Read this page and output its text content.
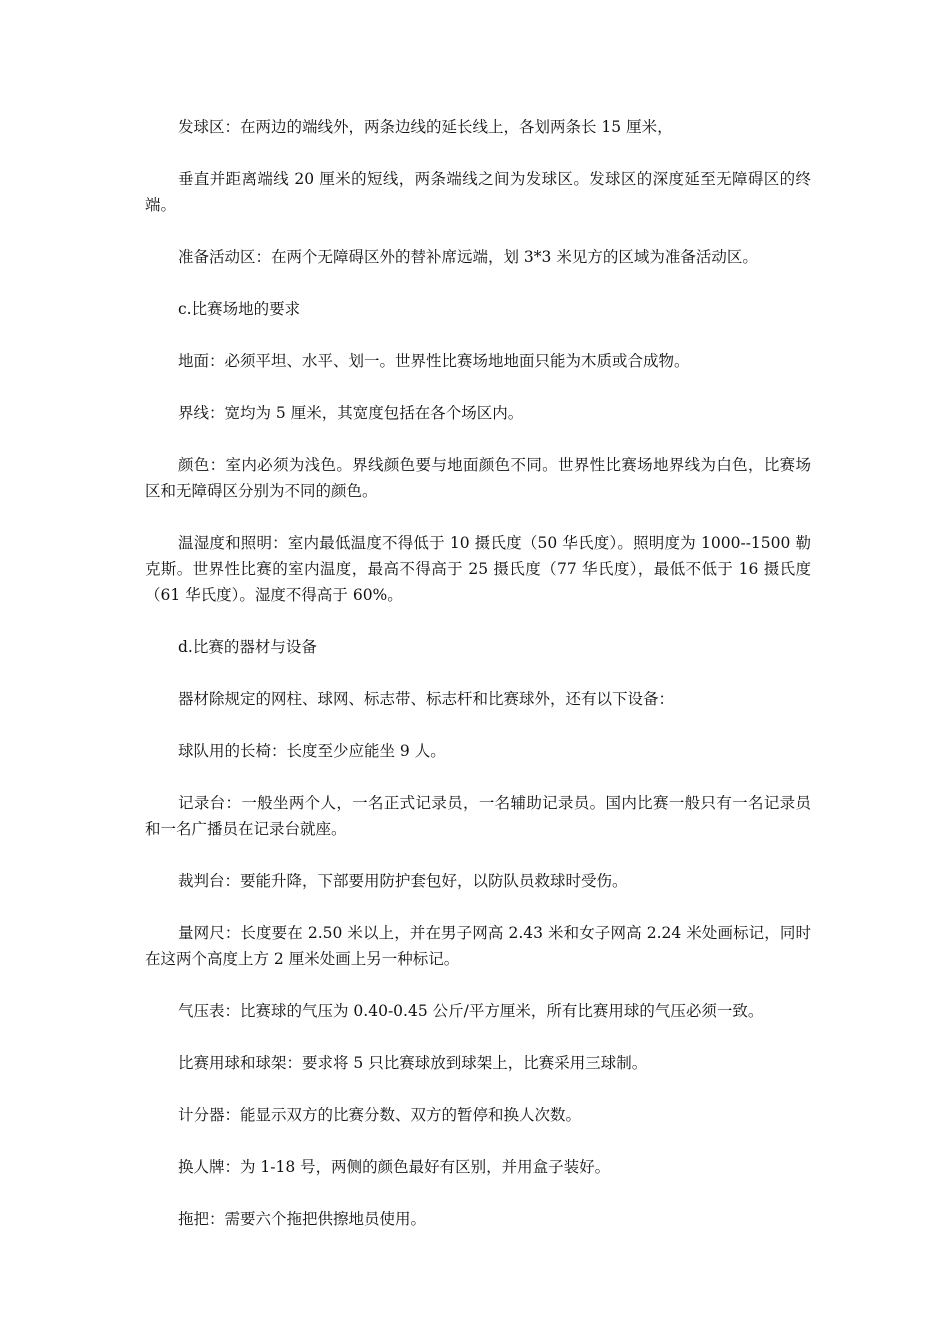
发球区：在两边的端线外，两条边线的延长线上，各划两条长 15 厘米，

垂直并距离端线 20 厘米的短线，两条端线之间为发球区。发球区的深度延至无障碍区的终端。

准备活动区：在两个无障碍区外的替补席远端，划 3*3 米见方的区域为准备活动区。

c.比赛场地的要求

地面：必须平坦、水平、划一。世界性比赛场地地面只能为木质或合成物。

界线：宽均为 5 厘米，其宽度包括在各个场区内。

颜色：室内必须为浅色。界线颜色要与地面颜色不同。世界性比赛场地界线为白色，比赛场区和无障碍区分别为不同的颜色。

温湿度和照明：室内最低温度不得低于 10 摄氏度（50 华氏度）。照明度为 1000--1500 勒克斯。世界性比赛的室内温度，最高不得高于 25 摄氏度（77 华氏度），最低不低于 16 摄氏度（61 华氏度）。湿度不得高于 60%。

d.比赛的器材与设备

器材除规定的网柱、球网、标志带、标志杆和比赛球外，还有以下设备：

球队用的长椅：长度至少应能坐 9 人。

记录台：一般坐两个人，一名正式记录员，一名辅助记录员。国内比赛一般只有一名记录员和一名广播员在记录台就座。

裁判台：要能升降，下部要用防护套包好，以防队员救球时受伤。

量网尺：长度要在 2.50 米以上，并在男子网高 2.43 米和女子网高 2.24 米处画标记，同时在这两个高度上方 2 厘米处画上另一种标记。

气压表：比赛球的气压为 0.40-0.45 公斤/平方厘米，所有比赛用球的气压必须一致。

比赛用球和球架：要求将 5 只比赛球放到球架上，比赛采用三球制。

计分器：能显示双方的比赛分数、双方的暂停和换人次数。

换人牌：为 1-18 号，两侧的颜色最好有区别，并用盒子装好。

拖把：需要六个拖把供擦地员使用。
